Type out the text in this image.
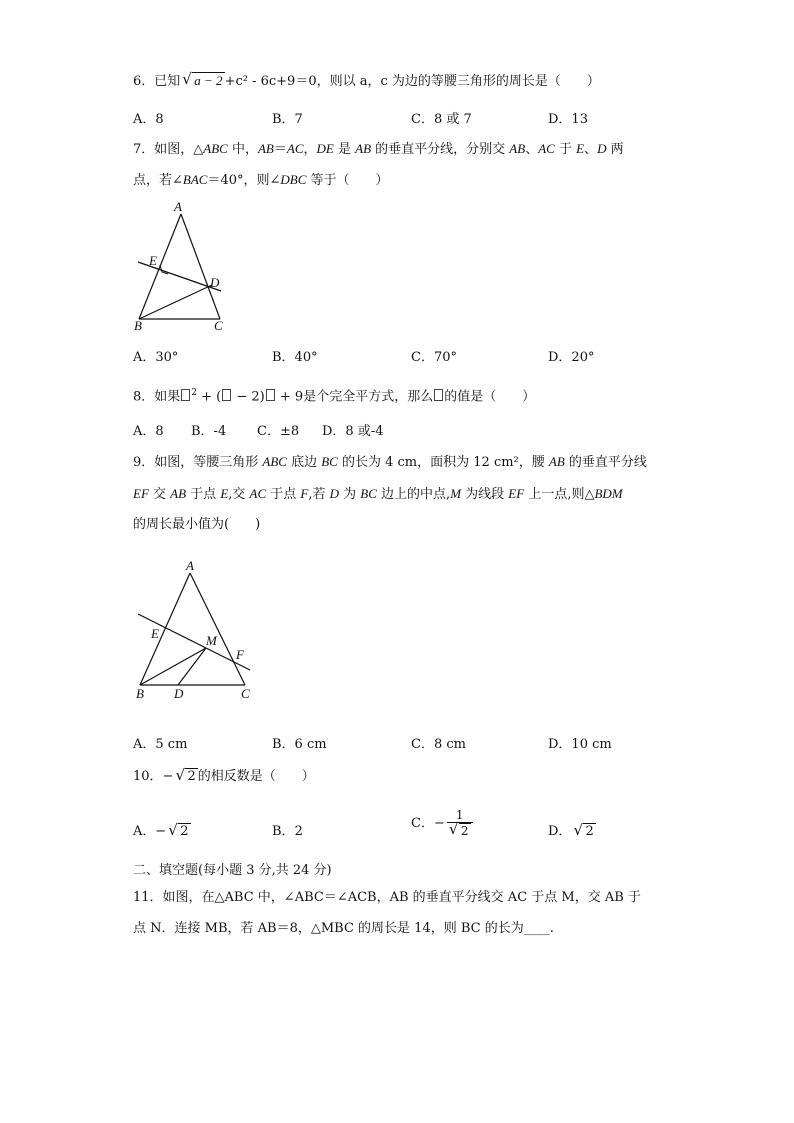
6．已知 √ a − 2 +c² - 6c+9＝0，则以 a，c 为边的等腰三角形的周长是（　　）
A．8	B．7	C．8 或 7	D．13
7．如图，△ABC 中，AB＝AC，DE 是 AB 的垂直平分线，分别交 AB、AC 于 E、D 两
点，若∠BAC＝40°，则∠DBC 等于（　　）
A
E
D
B	C
A．30°	B．40°	C．70°	D．20°
8．如果 $^2$ + ( − 2) + 9是个完全平方式，那么 的值是（　　）
A．8 B．-4 C．±8 D．8 或-4
9．如图，等腰三角形 ABC 底边 BC 的长为 4 cm，面积为 12 cm²，腰 AB 的垂直平分线
EF 交 AB 于点 E,交 AC 于点 F,若 D 为 BC 边上的中点,M 为线段 EF 上一点,则△BDM
的周长最小值为(　　)
A
E	M
F
B D	C
A．5 cm	B．6 cm	C．8 cm	D．10 cm
10．− √ 2 的相反数是（　　）
A．− √ 2	B．2
C．− $\frac{1}{√ 2}$	D． √ 2
二、填空题(每小题 3 分,共 24 分)
11．如图，在△ABC 中，∠ABC＝∠ACB，AB 的垂直平分线交 AC 于点 M，交 AB 于
点 N．连接 MB，若 AB＝8，△MBC 的周长是 14，则 BC 的长为____.
